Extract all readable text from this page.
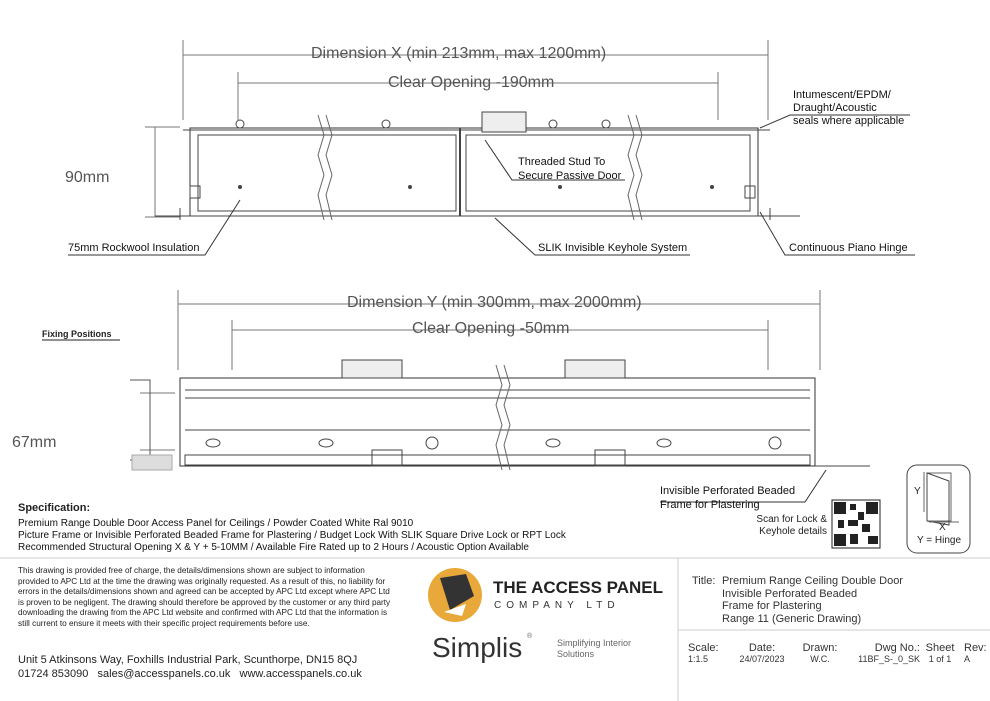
Dimension X (min 213mm, max 1200mm)
Clear Opening -190mm
90mm
Intumescent/EPDM/
Draught/Acoustic
seals where applicable
Threaded Stud To
Secure Passive Door
75mm Rockwool Insulation	SLIK Invisible Keyhole System	Continuous Piano Hinge
Dimension Y (min 300mm, max 2000mm)
Clear Opening -50mm
Fixing Positions
67mm
Invisible Perforated Beaded
Frame for Plastering
Scan for Lock &
Keyhole details
Y
X
Y = Hinge
Specification:
Premium Range Double Door Access Panel for Ceilings / Powder Coated White Ral 9010
Picture Frame or Invisible Perforated Beaded Frame for Plastering / Budget Lock With SLIK Square Drive Lock or RPT Lock
Recommended Structural Opening X & Y + 5-10MM / Available Fire Rated up to 2 Hours / Acoustic Option Available
This drawing is provided free of charge, the details/dimensions shown are subject to information provided to APC Ltd at the time the drawing was originally requested. As a result of this, no liability for errors in the details/dimensions shown and agreed can be accepted by APC Ltd except where APC Ltd is proven to be negligent. The drawing should therefore be approved by the customer or any third party downloading the drawing from the APC Ltd website and confirmed with APC Ltd that the information is still current to ensure it meets with their specific project requirements before use.
Unit 5 Atkinsons Way, Foxhills Industrial Park, Scunthorpe, DN15 8QJ
01724 853090 sales@accesspanels.co.uk www.accesspanels.co.uk
THE ACCESS PANEL
COMPANY LTD
Simplis ®
Simplifying Interior
Solutions
Title: Premium Range Ceiling Double Door
Invisible Perforated Beaded
Frame for Plastering
Range 11 (Generic Drawing)
Scale:
1:1.5
Date:
24/07/2023
Drawn:
W.C.
Dwg No.:
11BF_S-_0_SK
Sheet
1 of 1
Rev:
A
